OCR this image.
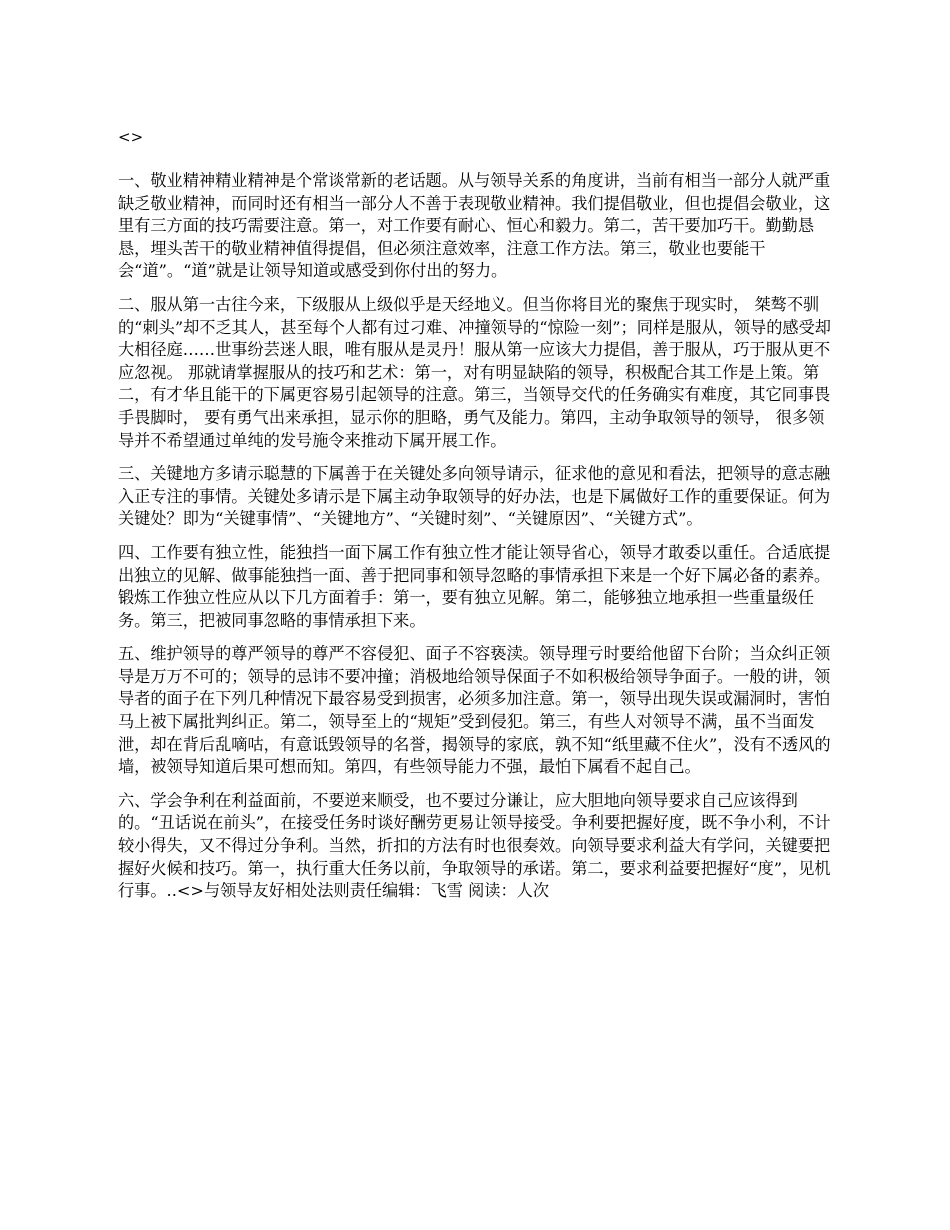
<>

一、敬业精神精业精神是个常谈常新的老话题。从与领导关系的角度讲，当前有相当一部分人就严重缺乏敬业精神，而同时还有相当一部分人不善于表现敬业精神。我们提倡敬业，但也提倡会敬业，这里有三方面的技巧需要注意。第一，对工作要有耐心、恒心和毅力。第二，苦干要加巧干。勤勤恳恳，埋头苦干的敬业精神值得提倡，但必须注意效率，注意工作方法。第三，敬业也要能干会“道”。“道”就是让领导知道或感受到你付出的努力。

二、服从第一古往今来，下级服从上级似乎是天经地义。但当你将目光的聚焦于现实时， 桀骜不驯的“刺头”却不乏其人，甚至每个人都有过刁难、冲撞领导的“惊险一刻”；同样是服从，领导的感受却大相径庭……世事纷芸迷人眼，唯有服从是灵丹！服从第一应该大力提倡，善于服从，巧于服从更不应忽视。 那就请掌握服从的技巧和艺术：第一，对有明显缺陷的领导，积极配合其工作是上策。第二，有才华且能干的下属更容易引起领导的注意。第三，当领导交代的任务确实有难度，其它同事畏手畏脚时， 要有勇气出来承担，显示你的胆略，勇气及能力。第四，主动争取领导的领导， 很多领导并不希望通过单纯的发号施令来推动下属开展工作。

三、关键地方多请示聪慧的下属善于在关键处多向领导请示，征求他的意见和看法，把领导的意志融入正专注的事情。关键处多请示是下属主动争取领导的好办法，也是下属做好工作的重要保证。何为关键处？即为“关键事情”、“关键地方”、“关键时刻”、“关键原因”、“关键方式”。

四、工作要有独立性，能独挡一面下属工作有独立性才能让领导省心，领导才敢委以重任。合适底提出独立的见解、做事能独挡一面、善于把同事和领导忽略的事情承担下来是一个好下属必备的素养。锻炼工作独立性应从以下几方面着手：第一，要有独立见解。第二，能够独立地承担一些重量级任务。第三，把被同事忽略的事情承担下来。

五、维护领导的尊严领导的尊严不容侵犯、面子不容亵渎。领导理亏时要给他留下台阶；当众纠正领导是万万不可的；领导的忌讳不要冲撞；消极地给领导保面子不如积极给领导争面子。一般的讲，领导者的面子在下列几种情况下最容易受到损害，必须多加注意。第一，领导出现失误或漏洞时，害怕马上被下属批判纠正。第二，领导至上的“规矩”受到侵犯。第三，有些人对领导不满，虽不当面发泄，却在背后乱嘀咕，有意诋毁领导的名誉，揭领导的家底，孰不知“纸里藏不住火”，没有不透风的墙，被领导知道后果可想而知。第四，有些领导能力不强，最怕下属看不起自己。

六、学会争利在利益面前，不要逆来顺受，也不要过分谦让，应大胆地向领导要求自己应该得到的。“丑话说在前头”，在接受任务时谈好酬劳更易让领导接受。争利要把握好度，既不争小利，不计较小得失，又不得过分争利。当然，折扣的方法有时也很奏效。向领导要求利益大有学问，关键要把握好火候和技巧。第一，执行重大任务以前，争取领导的承诺。第二，要求利益要把握好“度”，见机行事。..<>与领导友好相处法则责任编辑：飞雪 阅读：人次
